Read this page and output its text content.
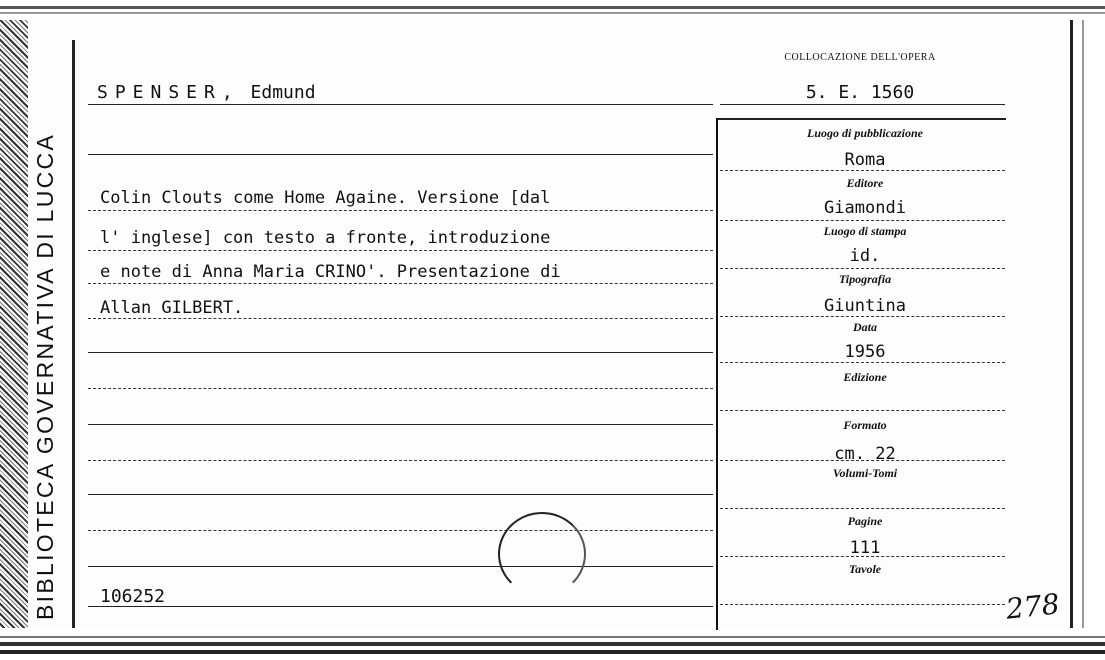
BIBLIOTECA GOVERNATIVA DI LUCCA
SPENSER, Edmund
COLLOCAZIONE DELL'OPERA
5. E. 1560
Colin Clouts come Home Againe. Versione [dal
l' inglese] con testo a fronte, introduzione
e note di Anna Maria CRINO'. Presentazione di
Allan GILBERT.
106252
Luogo di pubblicazione
Roma
Editore
Giamondi
Luogo di stampa
id.
Tipografia
Giuntina
Data
1956
Edizione
Formato
cm. 22
Volumi-Tomi
Pagine
111
Tavole
278
